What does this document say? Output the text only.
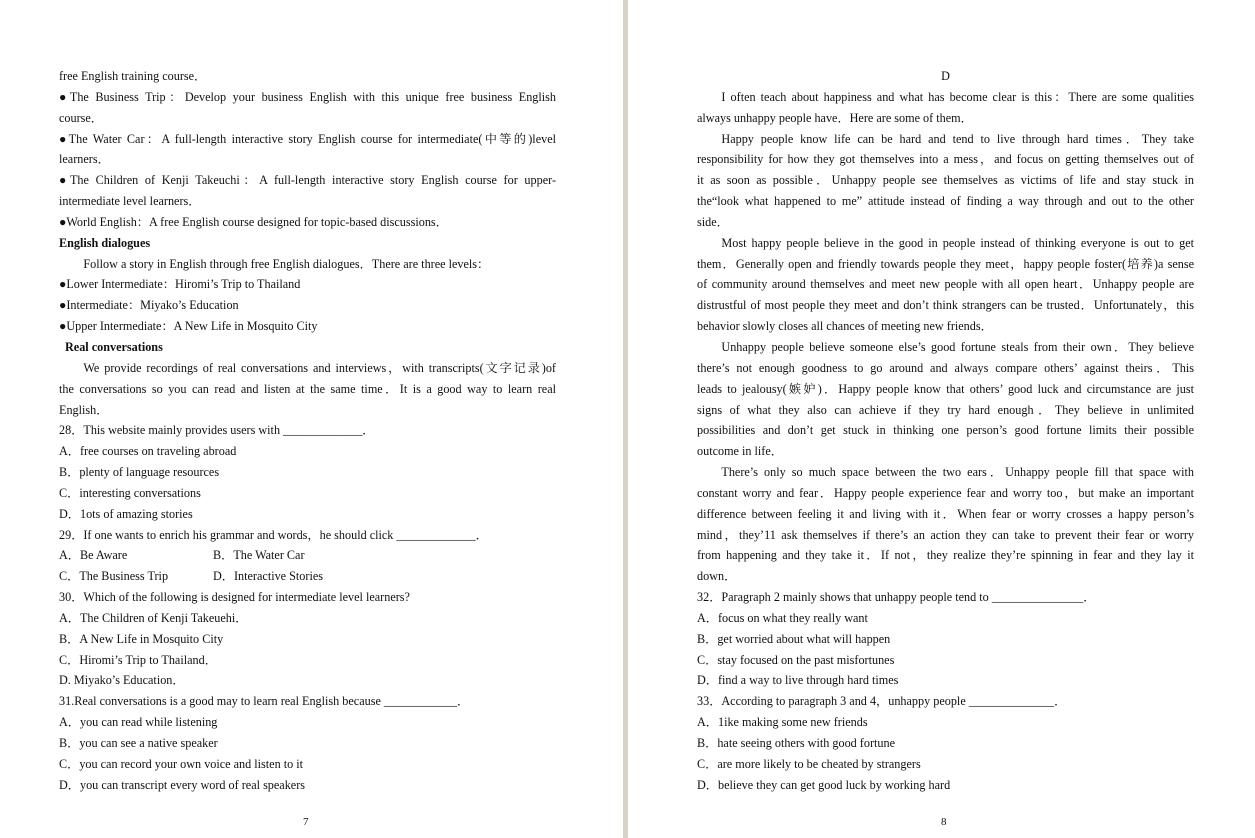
free English training course．

●The Business Trip：Develop your business English with this unique free business English

course．

●The Water Car：A full-length interactive story English course for intermediate(中等的)level

learners．

●The Children of Kenji Takeuchi：A full-length interactive story English course for upper-

intermediate level learners．

●World English：A free English course designed for topic-based discussions．

English dialogues

Follow a story in English through free English dialogues．There are three levels：

●Lower Intermediate：Hiromi’s Trip to Thailand

●Intermediate：Miyako’s Education

●Upper Intermediate：A New Life in Mosquito City

Real conversations

We provide recordings of real conversations and interviews，with transcripts(文字记录)of

the conversations so you can read and listen at the same time．It is a good way to learn real

English．

28．This website mainly provides users with _____________．

A．free courses on traveling abroad

B．plenty of language resources

C．interesting conversations

D．1ots of amazing stories

29．If one wants to enrich his grammar and words，he should click _____________．

A．Be Aware	B．The Water Car

C．The Business Trip	D．Interactive Stories

30．Which of the following is designed for intermediate level learners?

A．The Children of Kenji Takeuehi．

B．A New Life in Mosquito City

C．Hiromi’s Trip to Thailand．

D. Miyako’s Education．

31.Real conversations is a good may to learn real English because ____________．

A．you can read while listening

B．you can see a native speaker

C．you can record your own voice and listen to it

D．you can transcript every word of real speakers

7

D

I often teach about happiness and what has become clear is this：There are some qualities

always unhappy people have．Here are some of them．

Happy people know life can be hard and tend to live through hard times．They take

responsibility for how they got themselves into a mess，and focus on getting themselves out of

it as soon as possible．Unhappy people see themselves as victims of life and stay stuck in

the“look what happened to me” attitude instead of finding a way through and out to the other

side．

Most happy people believe in the good in people instead of thinking everyone is out to get

them．Generally open and friendly towards people they meet，happy people foster(培养)a sense

of community around themselves and meet new people with all open heart．Unhappy people are

distrustful of most people they meet and don’t think strangers can be trusted．Unfortunately，this

behavior slowly closes all chances of meeting new friends．

Unhappy people believe someone else’s good fortune steals from their own．They believe

there’s not enough goodness to go around and always compare others’ against theirs．This

leads to jealousy(嫉妒)．Happy people know that others’ good luck and circumstance are just

signs of what they also can achieve if they try hard enough．They believe in unlimited

possibilities and don’t get stuck in thinking one person’s good fortune limits their possible

outcome in life．

There’s only so much space between the two ears．Unhappy people fill that space with

constant worry and fear．Happy people experience fear and worry too，but make an important

difference between feeling it and living with it．When fear or worry crosses a happy person’s

mind，they’11 ask themselves if there’s an action they can take to prevent their fear or worry

from happening and they take it．If not，they realize they’re spinning in fear and they lay it

down．

32．Paragraph 2 mainly shows that unhappy people tend to _______________．

A．focus on what they really want

B．get worried about what will happen

C．stay focused on the past misfortunes

D．find a way to live through hard times

33．According to paragraph 3 and 4，unhappy people ______________．

A．1ike making some new friends

B．hate seeing others with good fortune

C．are more likely to be cheated by strangers

D．believe they can get good luck by working hard

8
